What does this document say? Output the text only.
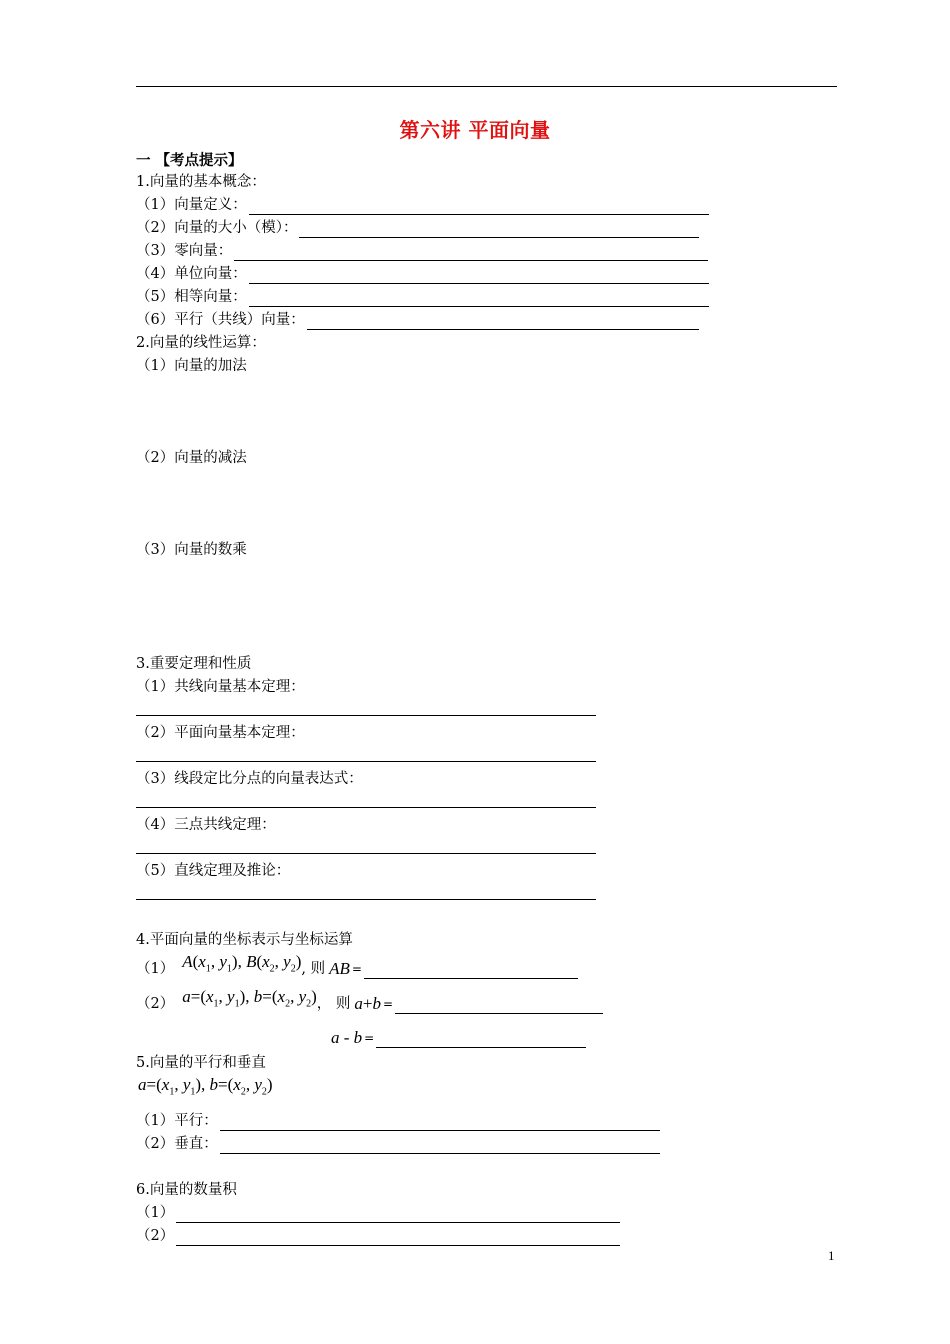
第六讲 平面向量
一 【考点提示】
1.向量的基本概念：
（1）向量定义：
（2）向量的大小（模）：
（3）零向量：
（4）单位向量：
（5）相等向量：
（6）平行（共线）向量：
2.向量的线性运算：
（1）向量的加法
（2）向量的减法
（3）向量的数乘
3.重要定理和性质
（1）共线向量基本定理：
（2）平面向量基本定理：
（3）线段定比分点的向量表达式：
（4）三点共线定理：
（5）直线定理及推论：
4.平面向量的坐标表示与坐标运算
（1） $A(x_1$, $y_1$), $B(x_2$, $y_2$) , 则 AB =
（2） $a=(x_1$, $y_1$), $b=(x_2$, $y_2$) ， 则 a+b =
a - b =
5.向量的平行和垂直
$a=(x_1$, $y_1$), $b=(x_2$, $y_2$)
（1）平行：
（2）垂直：
6.向量的数量积
（1）
（2）
1
